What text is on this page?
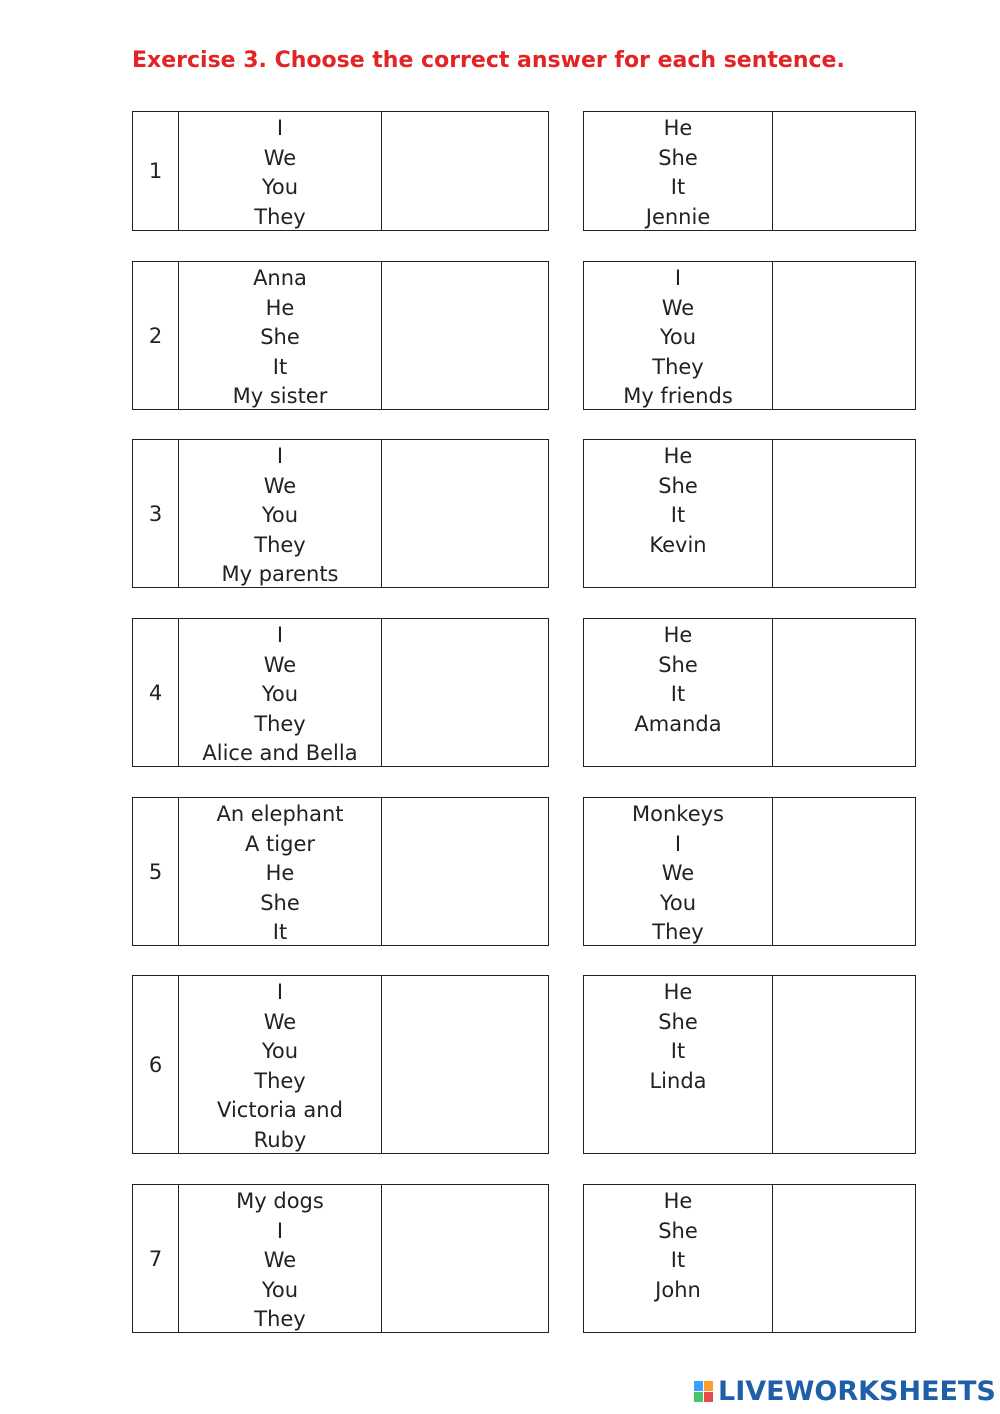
Exercise 3. Choose the correct answer for each sentence.
1
I
We
You
They
He
She
It
Jennie
2
Anna
He
She
It
My sister
I
We
You
They
My friends
3
I
We
You
They
My parents
He
She
It
Kevin
4
I
We
You
They
Alice and Bella
He
She
It
Amanda
5
An elephant
A tiger
He
She
It
Monkeys
I
We
You
They
6
I
We
You
They
Victoria and Ruby
He
She
It
Linda
7
My dogs
I
We
You
They
He
She
It
John
LIVEWORKSHEETS
